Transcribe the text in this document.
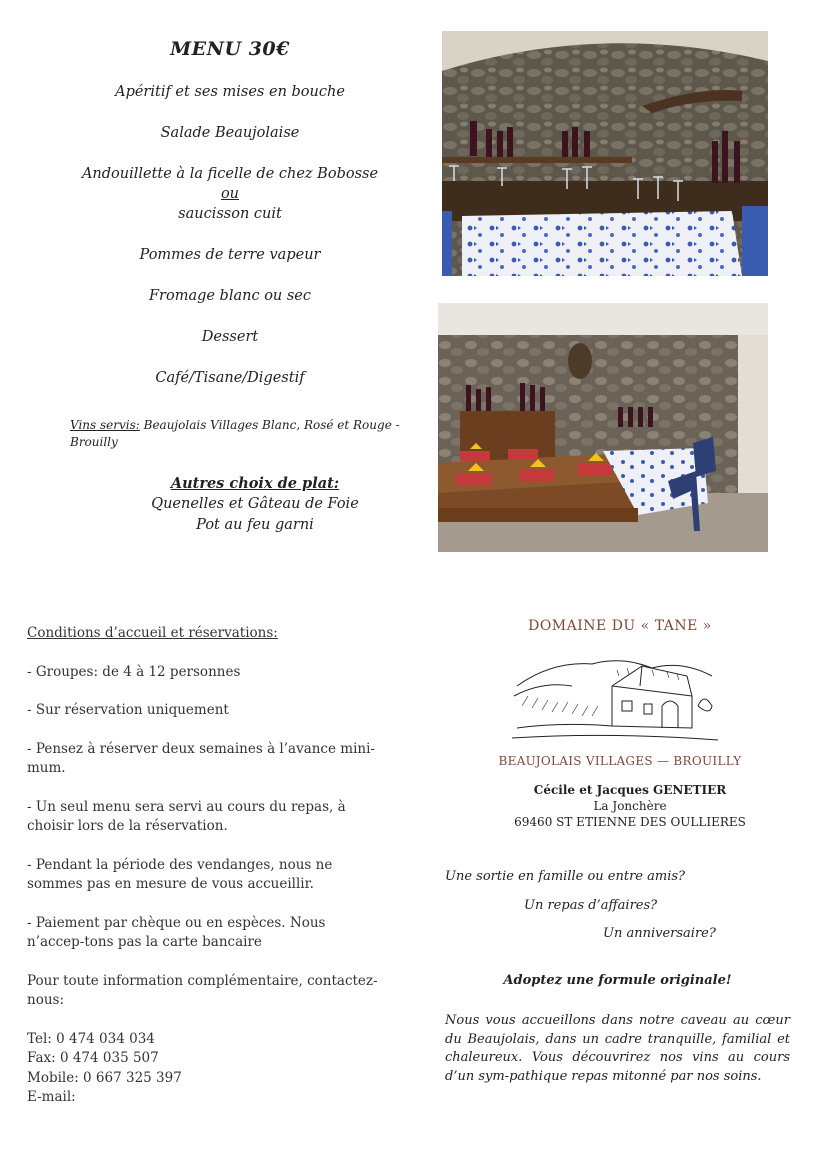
MENU 30€
Apéritif et ses mises en bouche
Salade Beaujolaise
Andouillette à la ficelle de chez Bobosse
ou
saucisson cuit
Pommes de terre vapeur
Fromage blanc ou sec
Dessert
Café/Tisane/Digestif
Vins servis: Beaujolais Villages Blanc, Rosé et Rouge - Brouilly
Autres choix de plat:
Quenelles et Gâteau de Foie
Pot au feu garni

Conditions d’accueil et réservations:

- Groupes: de 4 à 12 personnes

- Sur réservation uniquement

- Pensez à réserver deux semaines à l’avance mini-mum.

- Un seul menu sera servi au cours du repas, à choisir lors de la réservation.

- Pendant la période des vendanges, nous ne sommes pas en mesure de vous accueillir.

- Paiement par chèque ou en espèces. Nous n’accep-tons pas la carte bancaire

Pour toute information complémentaire, contactez-nous:

Tel: 0 474 034 034

Fax: 0 474 035 507

Mobile: 0 667 325 397

E-mail:

DOMAINE DU « TANE »
BEAUJOLAIS VILLAGES — BROUILLY
Cécile et Jacques GENETIER
La Jonchère
69460 ST ETIENNE DES OULLIERES
Une sortie en famille ou entre amis?
Un repas d’affaires?
Un anniversaire?
Adoptez une formule originale!
Nous vous accueillons dans notre caveau au cœur du Beaujolais, dans un cadre tranquille, familial et chaleureux. Vous découvrirez nos vins au cours d’un sym-pathique repas mitonné par nos soins.
